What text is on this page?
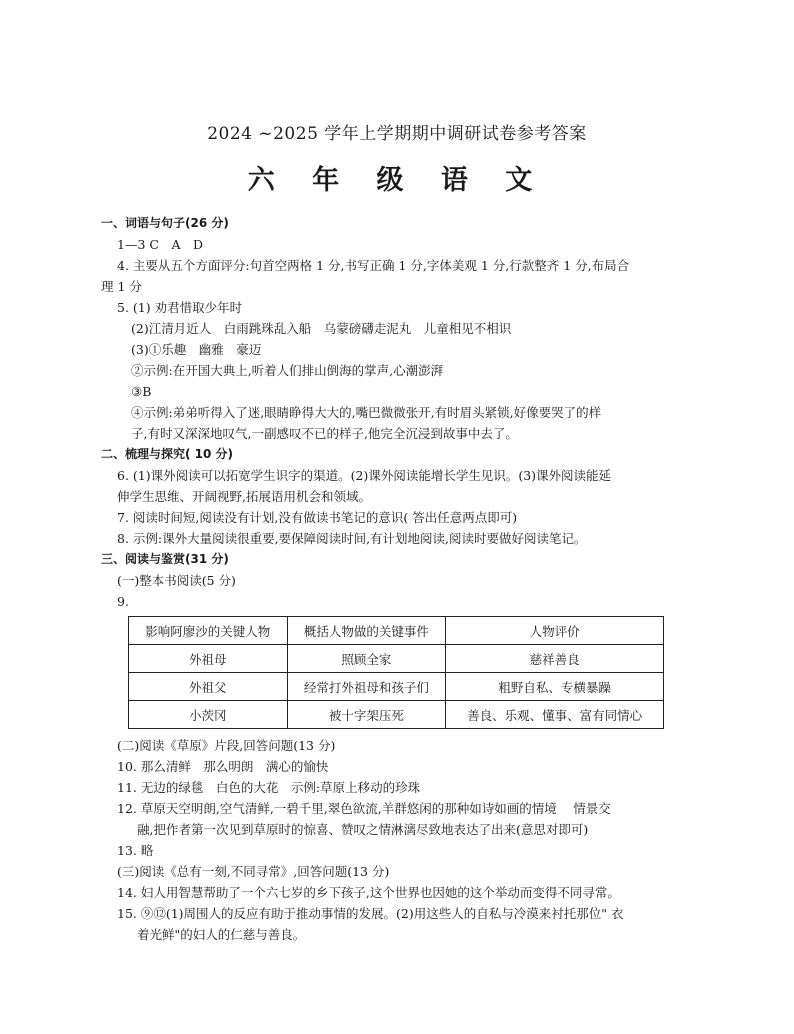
2024 ~2025 学年上学期期中调研试卷参考答案
六 年 级 语 文
一、词语与句子(26 分)
1—3 C　A　D
4. 主要从五个方面评分:句首空两格 1 分,书写正确 1 分,字体美观 1 分,行款整齐 1 分,布局合
理 1 分
5. (1) 劝君惜取少年时
(2)江清月近人　白雨跳珠乱入船　乌蒙磅礴走泥丸　儿童相见不相识
(3)①乐趣　幽雅　豪迈
②示例:在开国大典上,听着人们排山倒海的掌声,心潮澎湃
③B
④示例:弟弟听得入了迷,眼睛睁得大大的,嘴巴微微张开,有时眉头紧锁,好像要哭了的样
子,有时又深深地叹气,一副感叹不已的样子,他完全沉浸到故事中去了。
二、梳理与探究( 10 分)
6. (1)课外阅读可以拓宽学生识字的渠道。(2)课外阅读能增长学生见识。(3)课外阅读能延
伸学生思维、开阔视野,拓展语用机会和领域。
7. 阅读时间短,阅读没有计划,没有做读书笔记的意识( 答出任意两点即可)
8. 示例:课外大量阅读很重要,要保障阅读时间,有计划地阅读,阅读时要做好阅读笔记。
三、阅读与鉴赏(31 分)
(一)整本书阅读(5 分)
9.
影响阿廖沙的关键人物	概括人物做的关键事件	人物评价
外祖母	照顾全家	慈祥善良
外祖父	经常打外祖母和孩子们	粗野自私、专横暴躁
小茨冈	被十字架压死	善良、乐观、懂事、富有同情心
(二)阅读《草原》片段,回答问题(13 分)
10. 那么清鲜　那么明朗　满心的愉快
11. 无边的绿毯　白色的大花　示例:草原上移动的珍珠
12. 草原天空明朗,空气清鲜,一碧千里,翠色欲流,羊群悠闲的那种如诗如画的情境　 情景交
融,把作者第一次见到草原时的惊喜、赞叹之情淋漓尽致地表达了出来(意思对即可)
13. 略
(三)阅读《总有一刻,不同寻常》,回答问题(13 分)
14. 妇人用智慧帮助了一个六七岁的乡下孩子,这个世界也因她的这个举动而变得不同寻常。
15. ⑨⑫(1)周围人的反应有助于推动事情的发展。(2)用这些人的自私与冷漠来衬托那位" 衣
着光鲜"的妇人的仁慈与善良。
